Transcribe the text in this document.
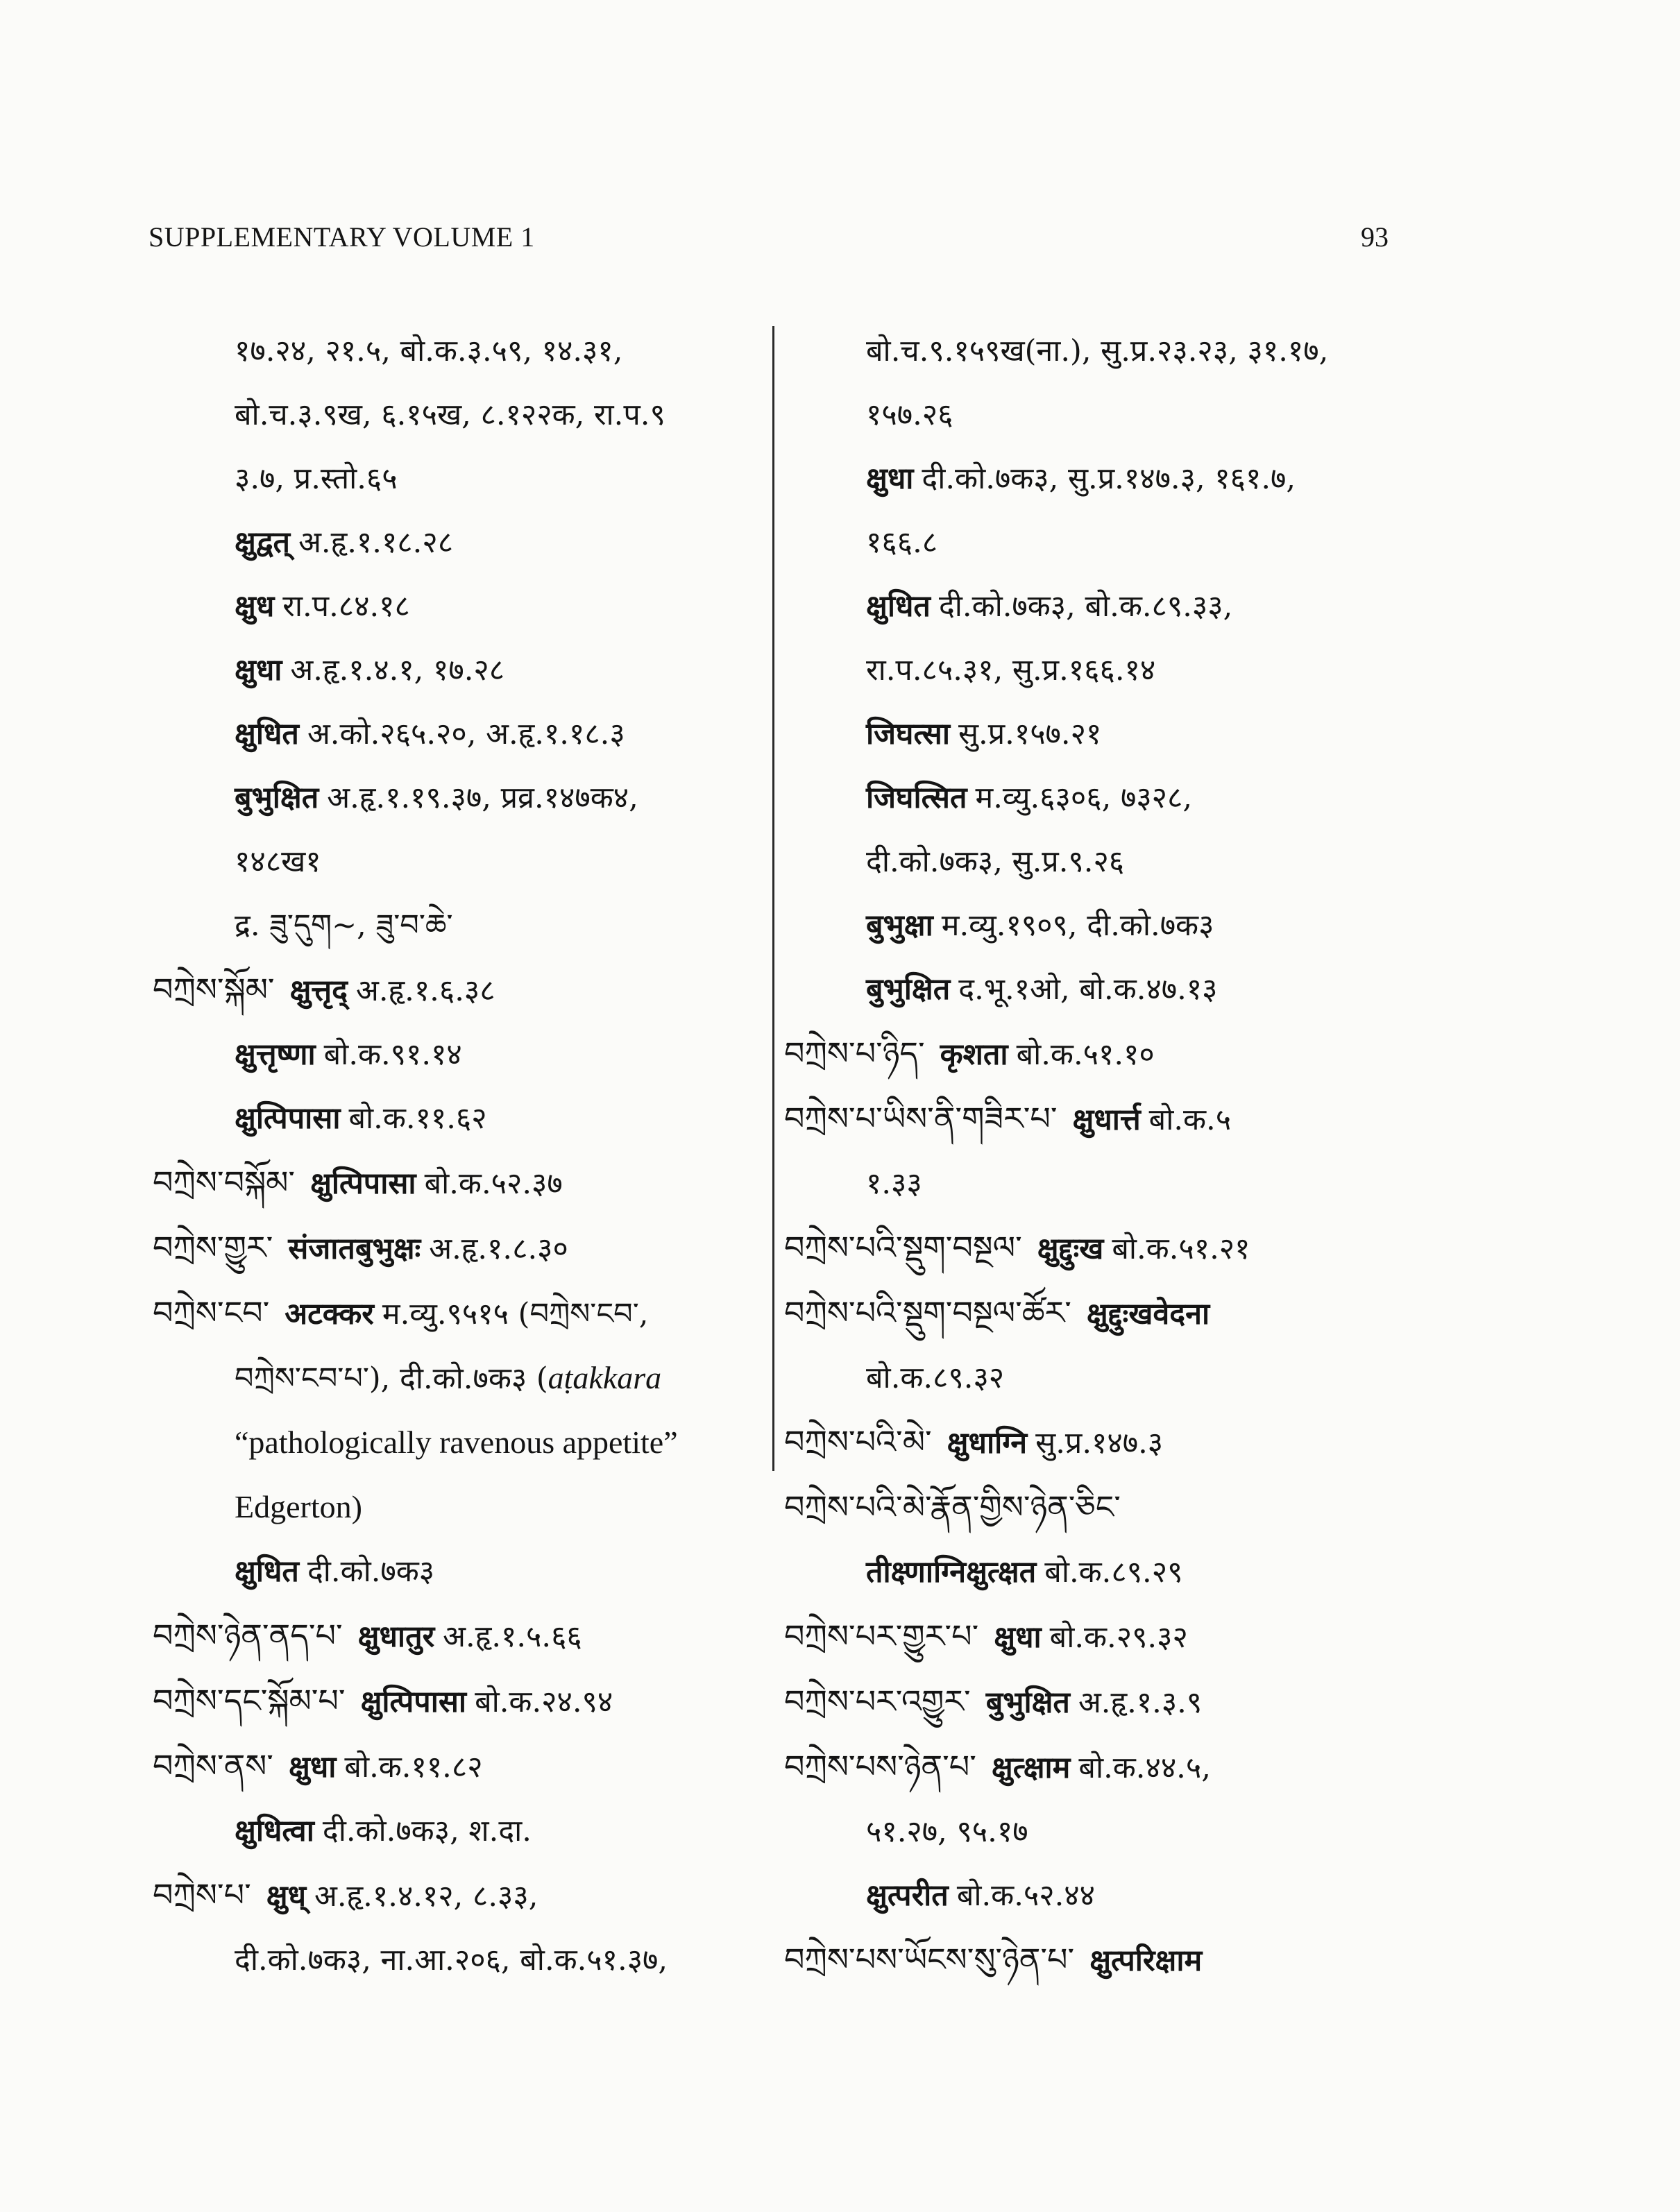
SUPPLEMENTARY VOLUME 1	93
१७.२४, २१.५, बो.क.३.५९, १४.३१,
बो.च.३.९ख, ६.१५ख, ८.१२२क, रा.प.९
३.७, प्र.स्तो.६५
क्षुद्वत् अ.हृ.१.१८.२८
क्षुध रा.प.८४.१८
क्षुधा अ.हृ.१.४.१, १७.२८
क्षुधित अ.को.२६५.२०, अ.हृ.१.१८.३
बुभुक्षित अ.हृ.१.१९.३७, प्रव्र.१४७क४,
१४८ख१
द्र. ཟུ་དུག~, ཟུ་བ་ཆེ་
བཀྲེས་སྐོམ་ क्षुत्तृद् अ.हृ.१.६.३८
क्षुत्तृष्णा बो.क.९१.१४
क्षुत्पिपासा बो.क.११.६२
བཀྲེས་བསྐོམ་ क्षुत्पिपासा बो.क.५२.३७
བཀྲེས་གྱུར་ संजातबुभुक्षः अ.हृ.१.८.३०
བཀྲེས་ངབ་ अटक्कर म.व्यु.९५१५ (བཀྲེས་ངབ་,
བཀྲེས་ངབ་པ་), दी.को.७क३ (aṭakkara
“pathologically ravenous appetite”
Edgerton)
क्षुधित दी.को.७क३
བཀྲེས་ཉེན་ནད་པ་ क्षुधातुर अ.हृ.१.५.६६
བཀྲེས་དང་སྐོམ་པ་ क्षुत्पिपासा बो.क.२४.९४
བཀྲེས་ནས་ क्षुधा बो.क.११.८२
क्षुधित्वा दी.को.७क३, श.दा.
བཀྲེས་པ་ क्षुध् अ.हृ.१.४.१२, ८.३३,
दी.को.७क३, ना.आ.२०६, बो.क.५१.३७,
बो.च.९.१५९ख(ना.), सु.प्र.२३.२३, ३१.१७,
१५७.२६
क्षुधा दी.को.७क३, सु.प्र.१४७.३, १६१.७,
१६६.८
क्षुधित दी.को.७क३, बो.क.८९.३३,
रा.प.८५.३१, सु.प्र.१६६.१४
जिघत्सा सु.प्र.१५७.२१
जिघत्सित म.व्यु.६३०६, ७३२८,
दी.को.७क३, सु.प्र.९.२६
बुभुक्षा म.व्यु.१९०९, दी.को.७क३
बुभुक्षित द.भू.१ओ, बो.क.४७.१३
བཀྲེས་པ་ཉིད་ कृशता बो.क.५१.१०
བཀྲེས་པ་ཡིས་ནི་གཟིར་པ་ क्षुधार्त्त बो.क.५
१.३३
བཀྲེས་པའི་སྡུག་བསྔལ་ क्षुद्दुःख बो.क.५१.२१
བཀྲེས་པའི་སྡུག་བསྔལ་ཚོར་ क्षुद्दुःखवेदना
बो.क.८९.३२
བཀྲེས་པའི་མེ་ क्षुधाग्नि सु.प्र.१४७.३
བཀྲེས་པའི་མེ་རྣོན་གྱིས་ཉེན་ཅིང་
तीक्ष्णाग्निक्षुत्क्षत बो.क.८९.२९
བཀྲེས་པར་གྱུར་པ་ क्षुधा बो.क.२९.३२
བཀྲེས་པར་འགྱུར་ बुभुक्षित अ.हृ.१.३.९
བཀྲེས་པས་ཉེན་པ་ क्षुत्क्षाम बो.क.४४.५,
५१.२७, ९५.१७
क्षुत्परीत बो.क.५२.४४
བཀྲེས་པས་ཡོངས་སུ་ཉེན་པ་ क्षुत्परिक्षाम
